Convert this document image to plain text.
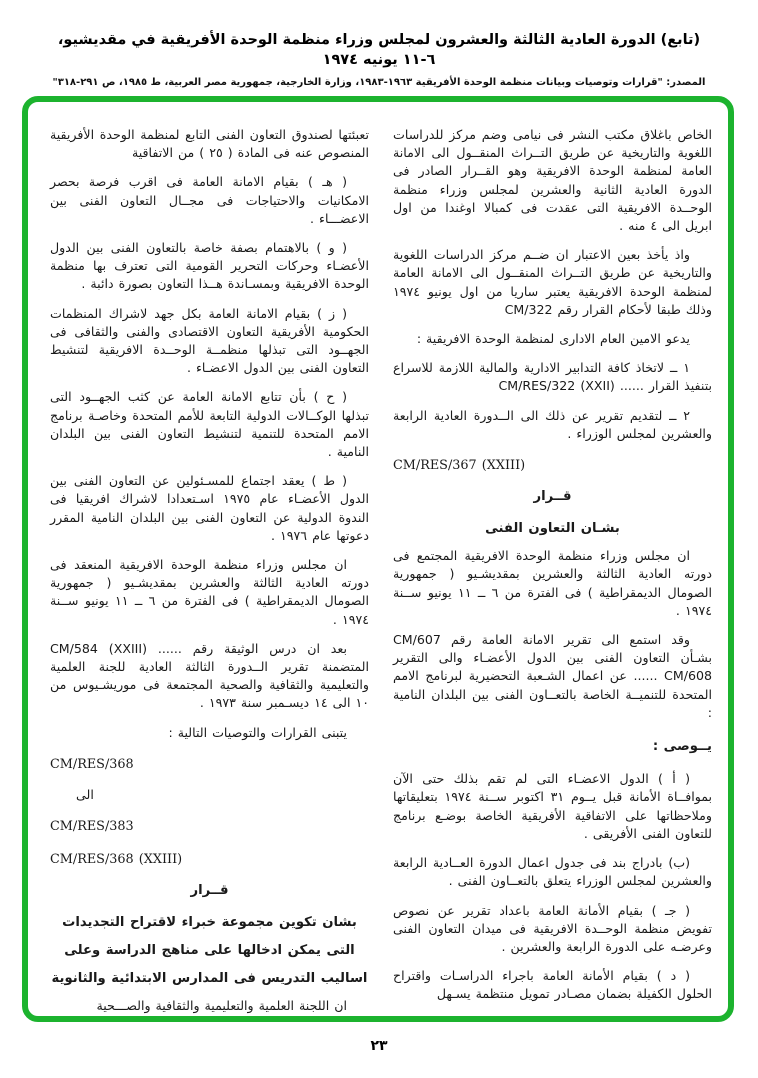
(تابع) الدورة العادية الثالثة والعشرون لمجلس وزراء منظمة الوحدة الأفريقية في مقديشيو، ٦-١١ يونيه ١٩٧٤
المصدر: "قرارات وتوصيات وبيانات منظمة الوحدة الأفريقية ١٩٦٣-١٩٨٣، وزارة الخارجية، جمهورية مصر العربية، ط ١٩٨٥، ص ٢٩١-٣١٨"
الخاص باغلاق مكتب النشر فى نيامى وضم مركز للدراسات اللغوية والتاريخية عن طريق التــراث المنقــول الى الامانة العامة لمنظمة الوحدة الافريقية وهو القــرار الصادر فى الدورة العادية الثانية والعشرين لمجلس وزراء منظمة الوحــدة الافريقية التى عقدت فى كمبالا اوغندا من اول ابريل الى ٤ منه .
واذ يأخذ بعين الاعتبار ان ضــم مركز الدراسات اللغوية والتاريخية عن طريق التــراث المنقــول الى الامانة العامة لمنظمة الوحدة الافريقية يعتبر ساريا من اول يونيو ١٩٧٤ وذلك طبقا لأحكام القرار رقم CM/322
يدعو الامين العام الادارى لمنظمة الوحدة الافريقية :
١ ــ لاتخاذ كافة التدابير الادارية والمالية اللازمة للاسراع بتنفيذ القرار ...... CM/RES/322 (XXII)
٢ ــ لتقديم تقرير عن ذلك الى الــدورة العادية الرابعة والعشرين لمجلس الوزراء .
CM/RES/367 (XXIII)
قــرار
بشـان التعاون الفنى
ان مجلس وزراء منظمة الوحدة الافريقية المجتمع فى دورته العادية الثالثة والعشرين بمقديشـيو ( جمهورية الصومال الديمقراطية ) فى الفترة من ٦ ــ ١١ يونيو ســنة ١٩٧٤ .
وقد استمع الى تقرير الامانة العامة رقم CM/607 بشـأن التعاون الفنى بين الدول الأعضـاء والى التقرير CM/608 ...... عن اعمال الشـعبة التحضيرية لبرنامج الامم المتحدة للتنميــة الخاصة بالتعــاون الفنى بين البلدان النامية :
يــوصى :
( أ ) الدول الاعضـاء التى لم تقم بذلك حتى الآن بموافــاة الأمانة قبل يــوم ٣١ اكتوبر ســنة ١٩٧٤ بتعليقاتها وملاحظاتها على الاتفاقية الأفريقية الخاصة بوضـع برنامج للتعاون الفنى الأفريقى .
(ب) بادراج بند فى جدول اعمال الدورة العــادية الرابعة والعشرين لمجلس الوزراء يتعلق بالتعــاون الفنى .
( جـ ) بقيام الأمانة العامة باعداد تقرير عن نصوص تفويض منظمة الوحــدة الافريقية فى ميدان التعاون الفنى وعرضـه على الدورة الرابعة والعشرين .
( د ) بقيام الأمانة العامة باجراء الدراسـات واقتراح الحلول الكفيلة بضمان مصـادر تمويل منتظمة يسـهل
تعبئتها لصندوق التعاون الفنى التابع لمنظمة الوحدة الأفريقية المنصوص عنه فى المادة ( ٢٥ ) من الاتفاقية
( هـ ) بقيام الامانة العامة فى اقرب فرصة بحصر الامكانيات والاحتياجات فى مجــال التعاون الفنى بين الاعضـــاء .
( و ) بالاهتمام بصفة خاصة بالتعاون الفنى بين الدول الأعضـاء وحركات التحرير القومية التى تعترف بها منظمة الوحدة الافريقية وبمسـاندة هــذا التعاون بصورة دائبة .
( ز ) بقيام الامانة العامة بكل جهد لاشراك المنظمات الحكومية الأفريقية التعاون الاقتصادى والفنى والثقافى فى الجهــود التى تبذلها منظمــة الوحــدة الافريقية لتنشيط التعاون الفنى بين الدول الاعضـاء .
( ح ) بأن تتابع الامانة العامة عن كثب الجهــود التى تبذلها الوكــالات الدولية التابعة للأمم المتحدة وخاصـة برنامج الامم المتحدة للتنمية لتنشيط التعاون الفنى بين البلدان النامية .
( ط ) يعقد اجتماع للمسـئولين عن التعاون الفنى بين الدول الأعضـاء عام ١٩٧٥ اسـتعدادا لاشراك افريقيا فى الندوة الدولية عن التعاون الفنى بين البلدان النامية المقرر دعوتها عام ١٩٧٦ .
ان مجلس وزراء منظمة الوحدة الافريقية المنعقد فى دورته العادية الثالثة والعشرين بمقديشـيو ( جمهورية الصومال الديمقراطية ) فى الفترة من ٦ ــ ١١ يونيو ســنة ١٩٧٤ .
بعد ان درس الوثيقة رقم ...... CM/584 (XXIII) المتضمنة تقرير الــدورة الثالثة العادية للجنة العلمية والتعليمية والثقافية والصحية المجتمعة فى موريشـيوس من ١٠ الى ١٤ ديسـمبر سنة ١٩٧٣ .
يتبنى القرارات والتوصيات التالية :
CM/RES/368
الى
CM/RES/383
CM/RES/368 (XXIII)
قــرار
بشان تكوين مجموعة خبراء لاقتراح التجديدات
التى يمكن ادخالها على مناهج الدراسة وعلى
اساليب التدريس فى المدارس الابتدائية والثانوية
ان اللجنة العلمية والتعليمية والثقافية والصـــحية
٢٣
